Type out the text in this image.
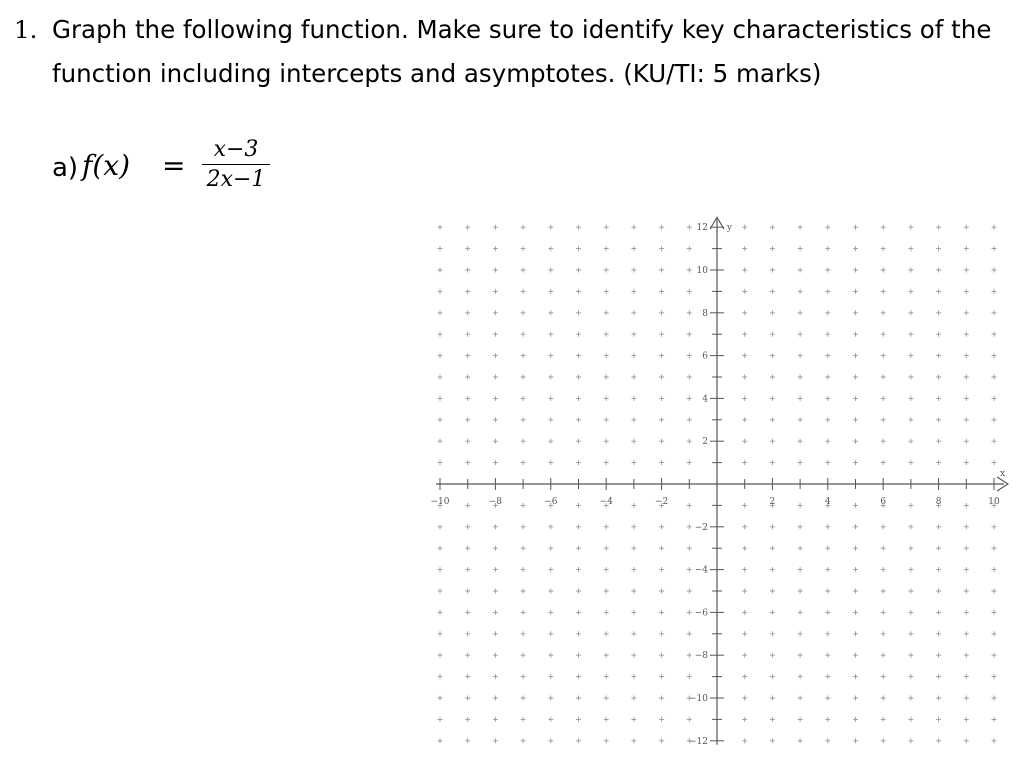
1. Graph the following function. Make sure to identify key characteristics of the function including intercepts and asymptotes. (KU/TI: 5 marks)
a) f(x) =	x−3
2x−1
−10	−8	−6	−4	−2	2	4	6	8	10
12
10
8
6
4
2
−2
−4
−6
−8
−10
−12
x
y
